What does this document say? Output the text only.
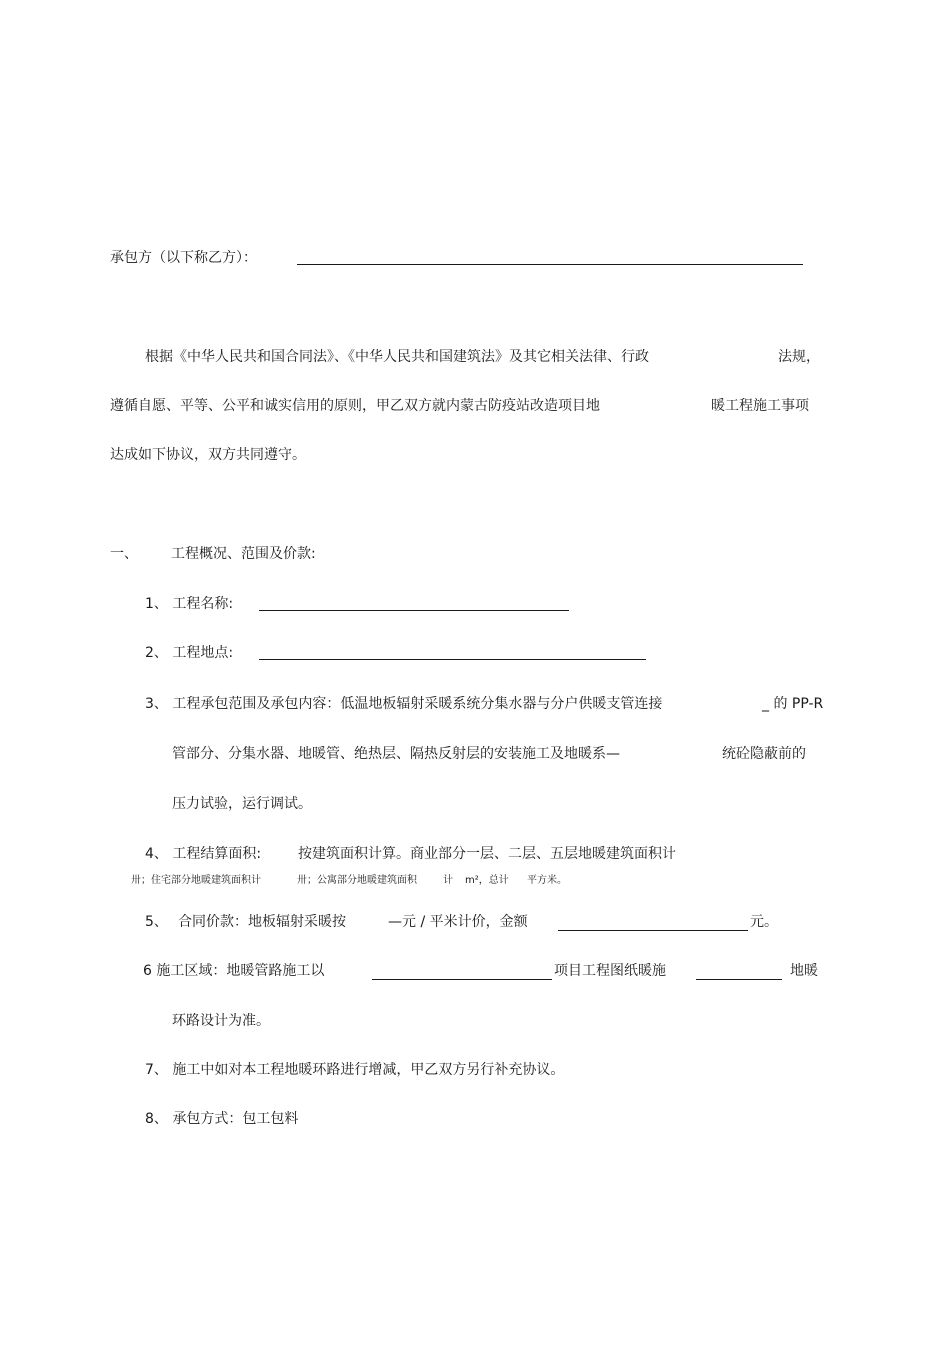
承包方（以下称乙方）：
根据《中华人民共和国合同法》、《中华人民共和国建筑法》及其它相关法律、行政	法规，
遵循自愿、平等、公平和诚实信用的原则，甲乙双方就内蒙古防疫站改造项目地	暖工程施工事项
达成如下协议，双方共同遵守。
一、 工程概况、范围及价款:
1、 工程名称:
2、 工程地点:
3、 工程承包范围及承包内容：低温地板辐射采暖系统分集水器与分户供暖支管连接	_ 的 PP-R
管部分、分集水器、地暖管、绝热层、隔热反射层的安装施工及地暖系—	统砼隐蔽前的
压力试验，运行调试。
4、 工程结算面积:	按建筑面积计算。商业部分一层、二层、五层地暖建筑面积计
卅；住宅部分地暖建筑面积计	卅；公寓部分地暖建筑面积	计 m²，总计 平方米。
5、 合同价款：地板辐射采暖按	—元 / 平米计价，金额	元。
6 施工区域：地暖管路施工以	项目工程图纸暖施	地暖
环路设计为准。
7、 施工中如对本工程地暖环路进行增减，甲乙双方另行补充协议。
8、 承包方式：包工包料
